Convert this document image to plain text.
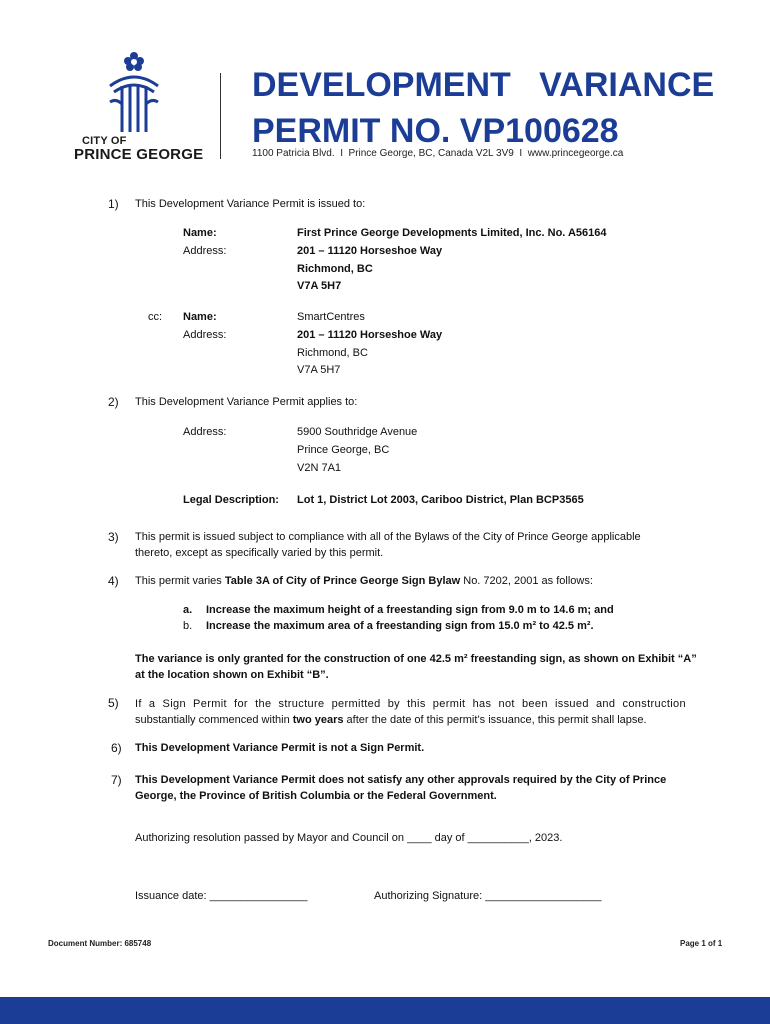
CITY OF
PRINCE GEORGE
DEVELOPMENT   VARIANCE
PERMIT NO. VP100628
1100 Patricia Blvd.  I  Prince George, BC, Canada V2L 3V9  I  www.princegeorge.ca
1) This Development Variance Permit is issued to:
Name:	First Prince George Developments Limited, Inc. No. A56164
Address:	201 – 11120 Horseshoe Way
Richmond, BC
V7A 5H7
cc: Name:	SmartCentres
Address:	201 – 11120 Horseshoe Way
Richmond, BC
V7A 5H7
2) This Development Variance Permit applies to:
Address:	5900 Southridge Avenue
Prince George, BC
V2N 7A1
Legal Description: Lot 1, District Lot 2003, Cariboo District, Plan BCP3565
3) This permit is issued subject to compliance with all of the Bylaws of the City of Prince George applicable
thereto, except as specifically varied by this permit.
4) This permit varies Table 3A of City of Prince George Sign Bylaw No. 7202, 2001 as follows:
a. Increase the maximum height of a freestanding sign from 9.0 m to 14.6 m; and
b. Increase the maximum area of a freestanding sign from 15.0 m² to 42.5 m².
The variance is only granted for the construction of one 42.5 m² freestanding sign, as shown on Exhibit “A”
at the location shown on Exhibit “B”.
5) If a Sign Permit for the structure permitted by this permit has not been issued and construction
substantially commenced within two years after the date of this permit’s issuance, this permit shall lapse.
6) This Development Variance Permit is not a Sign Permit.
7) This Development Variance Permit does not satisfy any other approvals required by the City of Prince
George, the Province of British Columbia or the Federal Government.
Authorizing resolution passed by Mayor and Council on ____ day of __________, 2023.
Issuance date: ________________	Authorizing Signature: ___________________
Document Number: 685748	Page 1 of 1
